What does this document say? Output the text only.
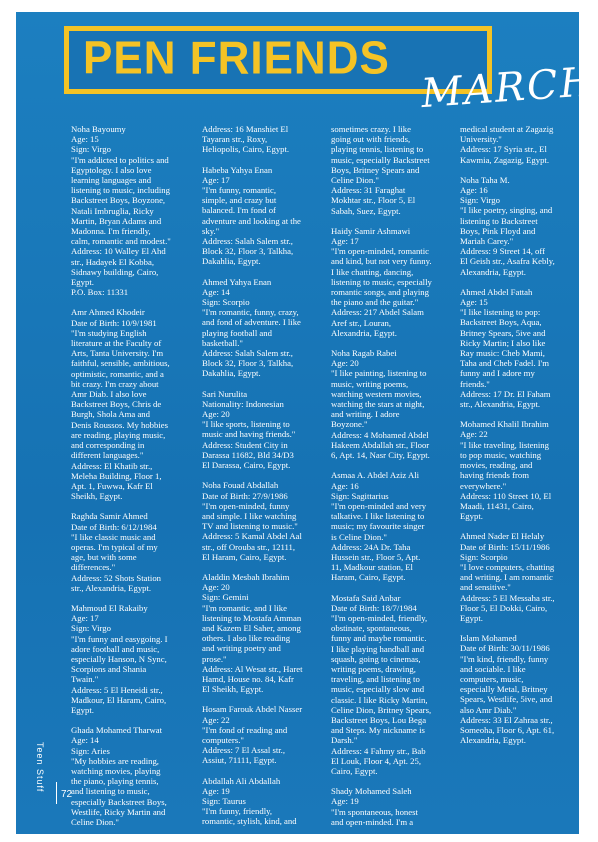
PEN FRIENDS
MARCH
Noha Bayoumy
Age: 15
Sign: Virgo
"I'm addicted to politics and
Egyptology. I also love
learning languages and
listening to music, including
Backstreet Boys, Boyzone,
Natali Imbruglia, Ricky
Martin, Bryan Adams and
Madonna. I'm friendly,
calm, romantic and modest."
Address: 10 Walley El Ahd
str., Hadayek El Kobba,
Sidnawy building, Cairo,
Egypt.
P.O. Box: 11331
Amr Ahmed Khodeir
Date of Birth: 10/9/1981
"I'm studying English
literature at the Faculty of
Arts, Tanta University. I'm
faithful, sensible, ambitious,
optimistic, romantic, and a
bit crazy. I'm crazy about
Amr Diab. I also love
Backstreet Boys, Chris de
Burgh, Shola Ama and
Denis Roussos. My hobbies
are reading, playing music,
and corresponding in
different languages."
Address: El Khatib str.,
Meleha Building, Floor 1,
Apt. 1, Fuwwa, Kafr El
Sheikh, Egypt.
Raghda Samir Ahmed
Date of Birth: 6/12/1984
"I like classic music and
operas. I'm typical of my
age, but with some
differences."
Address: 52 Shots Station
str., Alexandria, Egypt.
Mahmoud El Rakaiby
Age: 17
Sign: Virgo
"I'm funny and easygoing. I
adore football and music,
especially Hanson, N Sync,
Scorpions and Shania
Twain."
Address: 5 El Heneidi str.,
Madkour, El Haram, Cairo,
Egypt.
Ghada Mohamed Tharwat
Age: 14
Sign: Aries
"My hobbies are reading,
watching movies, playing
the piano, playing tennis,
and listening to music,
especially Backstreet Boys,
Westlife, Ricky Martin and
Celine Dion."
Address: 16 Manshiet El
Tayaran str., Roxy,
Heliopolis, Cairo, Egypt.
Habeba Yahya Enan
Age: 17
"I'm funny, romantic,
simple, and crazy but
balanced. I'm fond of
adventure and looking at the
sky."
Address: Salah Salem str.,
Block 32, Floor 3, Talkha,
Dakahlia, Egypt.
Ahmed Yahya Enan
Age: 14
Sign: Scorpio
"I'm romantic, funny, crazy,
and fond of adventure. I like
playing football and
basketball."
Address: Salah Salem str.,
Block 32, Floor 3, Talkha,
Dakahlia, Egypt.
Sari Nurulita
Nationality: Indonesian
Age: 20
"I like sports, listening to
music and having friends."
Address: Student City in
Darassa 11682, Bld 34/D3
El Darassa, Cairo, Egypt.
Noha Fouad Abdallah
Date of Birth: 27/9/1986
"I'm open-minded, funny
and simple. I like watching
TV and listening to music."
Address: 5 Kamal Abdel Aal
str., off Orouba str., 12111,
El Haram, Cairo, Egypt.
Aladdin Mesbah Ibrahim
Age: 20
Sign: Gemini
"I'm romantic, and I like
listening to Mostafa Amman
and Kazem El Saher, among
others. I also like reading
and writing poetry and
prose."
Address: Al Wesat str., Haret
Hamd, House no. 84, Kafr
El Sheikh, Egypt.
Hosam Farouk Abdel Nasser
Age: 22
"I'm fond of reading and
computers."
Address: 7 El Assal str.,
Assiut, 71111, Egypt.
Abdallah Ali Abdallah
Age: 19
Sign: Taurus
"I'm funny, friendly,
romantic, stylish, kind, and
sometimes crazy. I like
going out with friends,
playing tennis, listening to
music, especially Backstreet
Boys, Britney Spears and
Celine Dion."
Address: 31 Faraghat
Mokhtar str., Floor 5, El
Sabah, Suez, Egypt.
Haidy Samir Ashmawi
Age: 17
"I'm open-minded, romantic
and kind, but not very funny.
I like chatting, dancing,
listening to music, especially
romantic songs, and playing
the piano and the guitar."
Address: 217 Abdel Salam
Aref str., Louran,
Alexandria, Egypt.
Noha Ragab Rabei
Age: 20
"I like painting, listening to
music, writing poems,
watching western movies,
watching the stars at night,
and writing. I adore
Boyzone."
Address: 4 Mohamed Abdel
Hakeem Abdallah str., Floor
6, Apt. 14, Nasr City, Egypt.
Asmaa A. Abdel Aziz Ali
Age: 16
Sign: Sagittarius
"I'm open-minded and very
talkative. I like listening to
music; my favourite singer
is Celine Dion."
Address: 24A Dr. Taha
Hussein str., Floor 5, Apt.
11, Madkour station, El
Haram, Cairo, Egypt.
Mostafa Said Anbar
Date of Birth: 18/7/1984
"I'm open-minded, friendly,
obstinate, spontaneous,
funny and maybe romantic.
I like playing handball and
squash, going to cinemas,
writing poems, drawing,
traveling, and listening to
music, especially slow and
classic. I like Ricky Martin,
Celine Dion, Britney Spears,
Backstreet Boys, Lou Bega
and Steps. My nickname is
Darsh."
Address: 4 Fahmy str., Bab
El Louk, Floor 4, Apt. 25,
Cairo, Egypt.
Shady Mohamed Saleh
Age: 19
"I'm spontaneous, honest
and open-minded. I'm a
medical student at Zagazig
University."
Address: 17 Syria str., El
Kawmia, Zagazig, Egypt.
Noha Taha M.
Age: 16
Sign: Virgo
"I like poetry, singing, and
listening to Backstreet
Boys, Pink Floyd and
Mariah Carey."
Address: 9 Street 14, off
El Geish str., Asafra Kebly,
Alexandria, Egypt.
Ahmed Abdel Fattah
Age: 15
"I like listening to pop:
Backstreet Boys, Aqua,
Britney Spears, 5ive and
Ricky Martin; I also like
Ray music: Cheb Mami,
Taha and Cheb Fadel. I'm
funny and I adore my
friends."
Address: 17 Dr. El Faham
str., Alexandria, Egypt.
Mohamed Khalil Ibrahim
Age: 22
"I like traveling, listening
to pop music, watching
movies, reading, and
having friends from
everywhere."
Address: 110 Street 10, El
Maadi, 11431, Cairo,
Egypt.
Ahmed Nader El Helaly
Date of Birth: 15/11/1986
Sign: Scorpio
"I love computers, chatting
and writing. I am romantic
and sensitive."
Address: 5 El Messaha str.,
Floor 5, El Dokki, Cairo,
Egypt.
Islam Mohamed
Date of Birth: 30/11/1986
"I'm kind, friendly, funny
and sociable. I like
computers, music,
especially Metal, Britney
Spears, Westlife, 5ive, and
also Amr Diab."
Address: 33 El Zahraa str.,
Someoha, Floor 6, Apt. 61,
Alexandria, Egypt.
Teen Stuff
72
